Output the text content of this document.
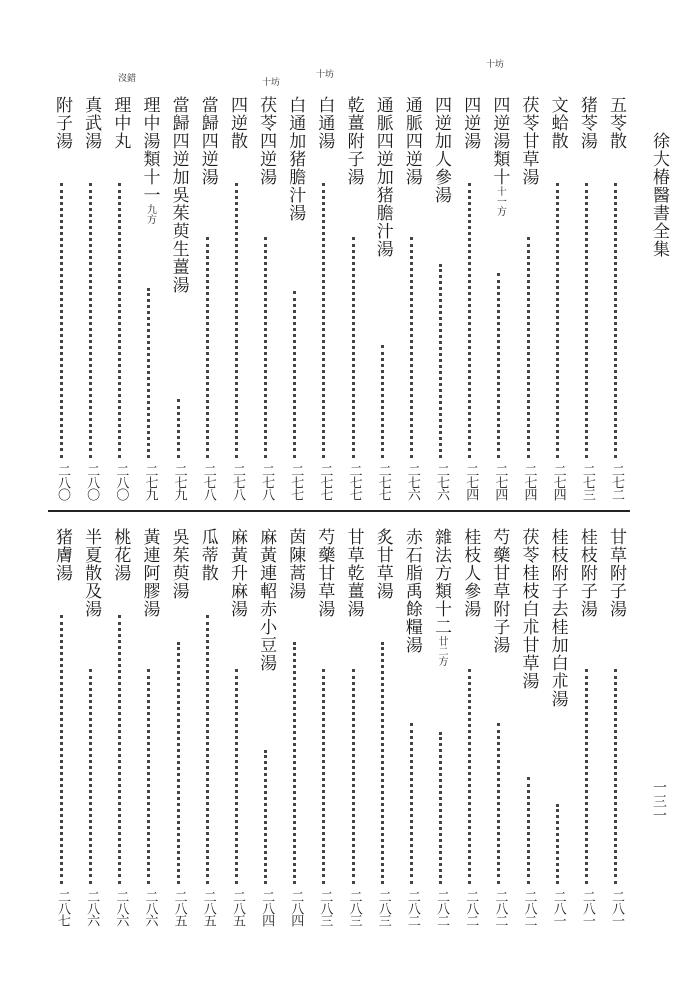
徐大椿醫書全集
一三一
五苓散
二七二
猪苓湯
二七三
文蛤散
二七四
茯苓甘草湯
二七四
四逆湯類十十一方
二七四
四逆湯
二七四
四逆加人參湯
二七六
通脈四逆湯
二七六
通脈四逆加猪膽汁湯
二七七
乾薑附子湯
二七七
白通湯
二七七
白通加猪膽汁湯
二七七
茯苓四逆湯
二七八
四逆散
二七八
當歸四逆湯
二七八
當歸四逆加吳茱萸生薑湯
二七九
理中湯類十一九方
二七九
理中丸
二八〇
真武湯
二八〇
附子湯
二八〇
甘草附子湯
二八一
桂枝附子湯
二八一
桂枝附子去桂加白朮湯
二八一
茯苓桂枝白朮甘草湯
二八二
芍藥甘草附子湯
二八二
桂枝人參湯
二八二
雜法方類十二廿二方
二八二
赤石脂禹餘糧湯
二八二
炙甘草湯
二八三
甘草乾薑湯
二八三
芍藥甘草湯
二八三
茵陳蒿湯
二八四
麻黃連軺赤小豆湯
二八四
麻黃升麻湯
二八五
瓜蒂散
二八五
吳茱萸湯
二八五
黃連阿膠湯
二八六
桃花湯
二八六
半夏散及湯
二八六
猪膚湯
二八七
沒錯	十坊
十坊
十坊
